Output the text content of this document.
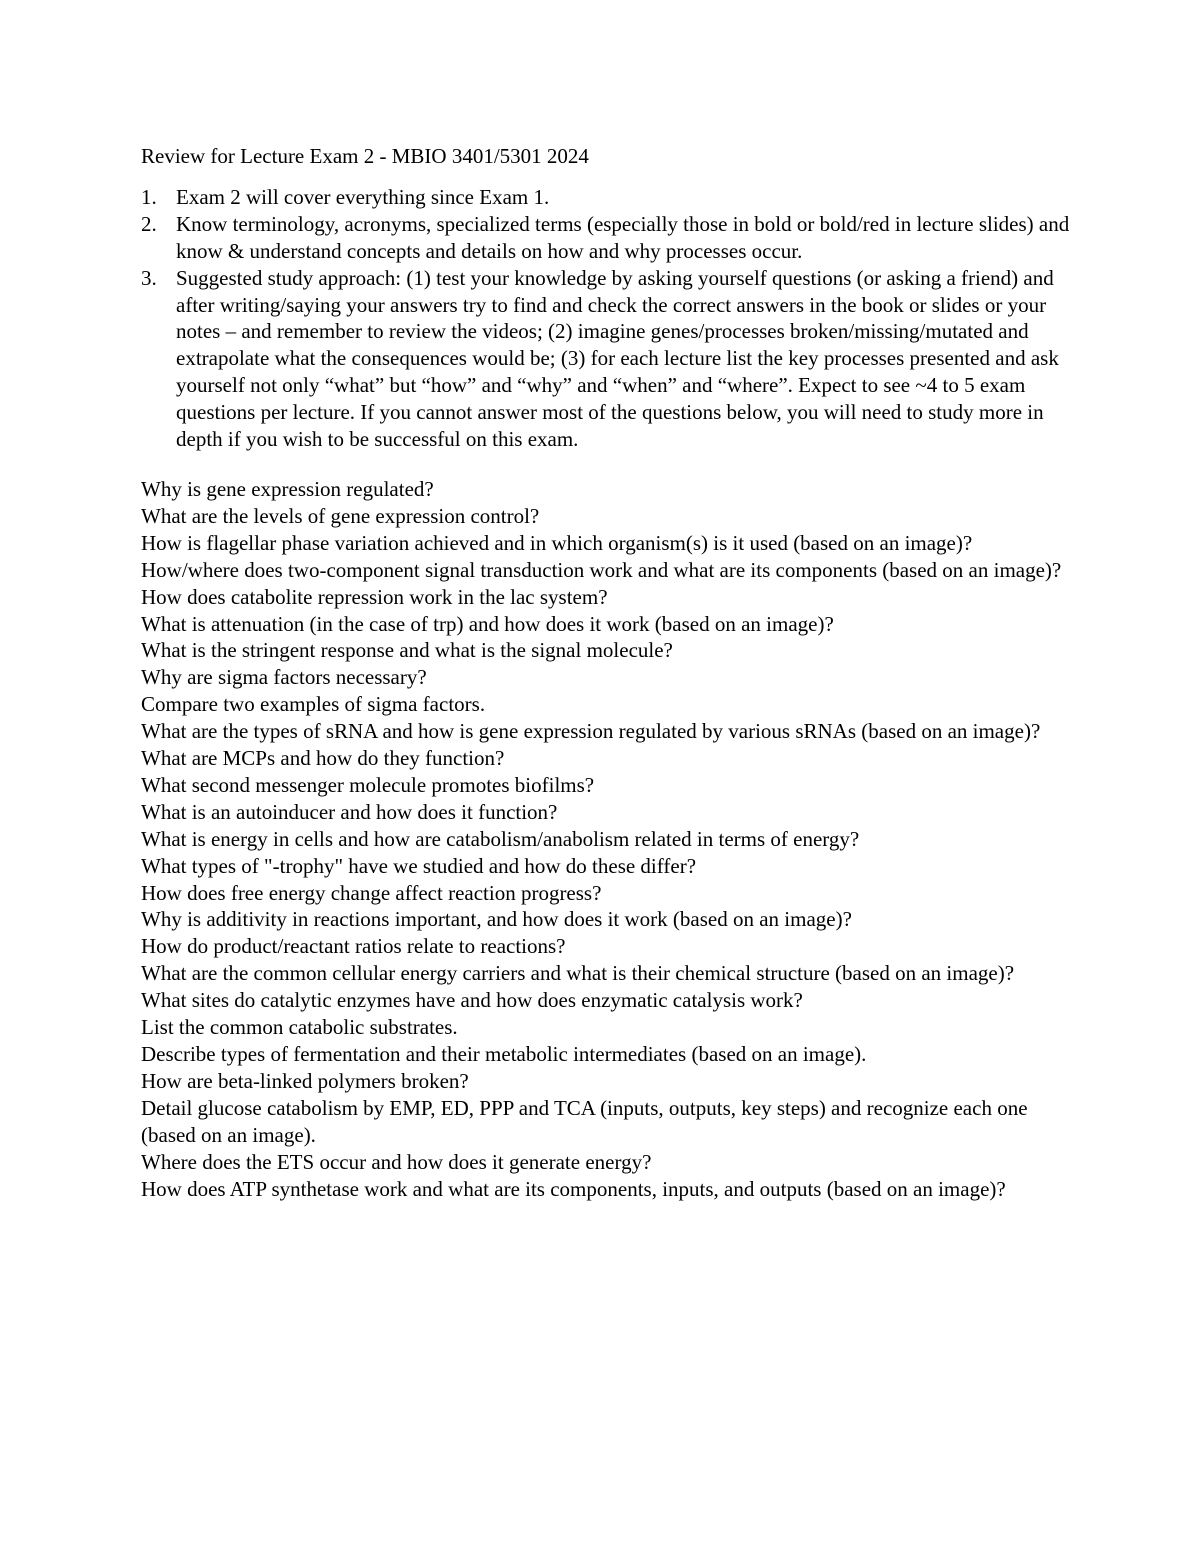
Review for Lecture Exam 2 - MBIO 3401/5301 2024
1. Exam 2 will cover everything since Exam 1.
2. Know terminology, acronyms, specialized terms (especially those in bold or bold/red in lecture slides) and know & understand concepts and details on how and why processes occur.
3. Suggested study approach: (1) test your knowledge by asking yourself questions (or asking a friend) and after writing/saying your answers try to find and check the correct answers in the book or slides or your notes – and remember to review the videos; (2) imagine genes/processes broken/missing/mutated and extrapolate what the consequences would be; (3) for each lecture list the key processes presented and ask yourself not only “what” but “how” and “why” and “when” and “where”. Expect to see ~4 to 5 exam questions per lecture. If you cannot answer most of the questions below, you will need to study more in depth if you wish to be successful on this exam.
Why is gene expression regulated?
What are the levels of gene expression control?
How is flagellar phase variation achieved and in which organism(s) is it used (based on an image)?
How/where does two-component signal transduction work and what are its components (based on an image)?
How does catabolite repression work in the lac system?
What is attenuation (in the case of trp) and how does it work (based on an image)?
What is the stringent response and what is the signal molecule?
Why are sigma factors necessary?
Compare two examples of sigma factors.
What are the types of sRNA and how is gene expression regulated by various sRNAs (based on an image)?
What are MCPs and how do they function?
What second messenger molecule promotes biofilms?
What is an autoinducer and how does it function?
What is energy in cells and how are catabolism/anabolism related in terms of energy?
What types of "-trophy" have we studied and how do these differ?
How does free energy change affect reaction progress?
Why is additivity in reactions important, and how does it work (based on an image)?
How do product/reactant ratios relate to reactions?
What are the common cellular energy carriers and what is their chemical structure (based on an image)?
What sites do catalytic enzymes have and how does enzymatic catalysis work?
List the common catabolic substrates.
Describe types of fermentation and their metabolic intermediates (based on an image).
How are beta-linked polymers broken?
Detail glucose catabolism by EMP, ED, PPP and TCA (inputs, outputs, key steps) and recognize each one (based on an image).
Where does the ETS occur and how does it generate energy?
How does ATP synthetase work and what are its components, inputs, and outputs (based on an image)?
